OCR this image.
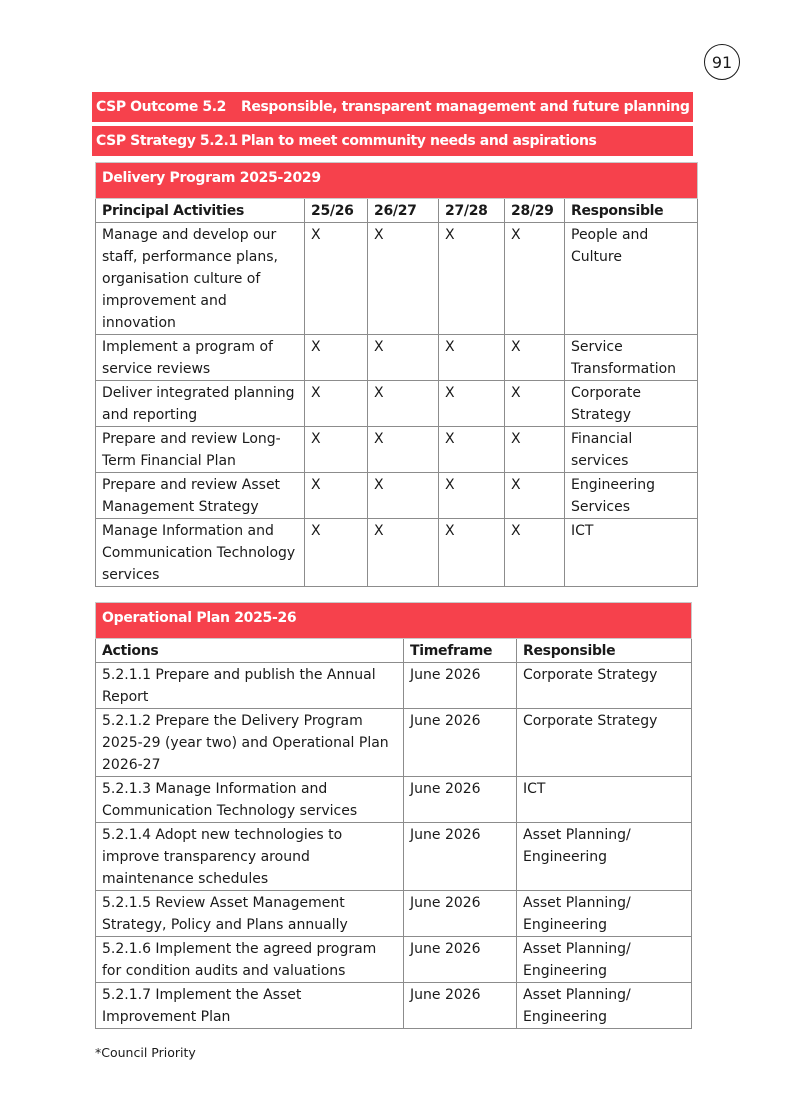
91
CSP Outcome 5.2	Responsible, transparent management and future planning
CSP Strategy 5.2.1 Plan to meet community needs and aspirations
Delivery Program 2025-2029					
Principal Activities	25/26	26/27	27/28	28/29	Responsible
Manage and develop our staff, performance plans, organisation culture of improvement and innovation	X	X	X	X	People and Culture
Implement a program of service reviews	X	X	X	X	Service Transformation
Deliver integrated planning and reporting	X	X	X	X	Corporate Strategy
Prepare and review Long-Term Financial Plan	X	X	X	X	Financial services
Prepare and review Asset Management Strategy	X	X	X	X	Engineering Services
Manage Information and Communication Technology services	X	X	X	X	ICT
Operational Plan 2025-26		
Actions	Timeframe	Responsible
5.2.1.1 Prepare and publish the Annual Report	June 2026	Corporate Strategy
5.2.1.2 Prepare the Delivery Program 2025-29 (year two) and Operational Plan 2026-27	June 2026	Corporate Strategy
5.2.1.3 Manage Information and Communication Technology services	June 2026	ICT
5.2.1.4 Adopt new technologies to improve transparency around maintenance schedules	June 2026	Asset Planning/ Engineering
5.2.1.5 Review Asset Management Strategy, Policy and Plans annually	June 2026	Asset Planning/ Engineering
5.2.1.6 Implement the agreed program for condition audits and valuations	June 2026	Asset Planning/ Engineering
5.2.1.7 Implement the Asset Improvement Plan	June 2026	Asset Planning/ Engineering
*Council Priority
